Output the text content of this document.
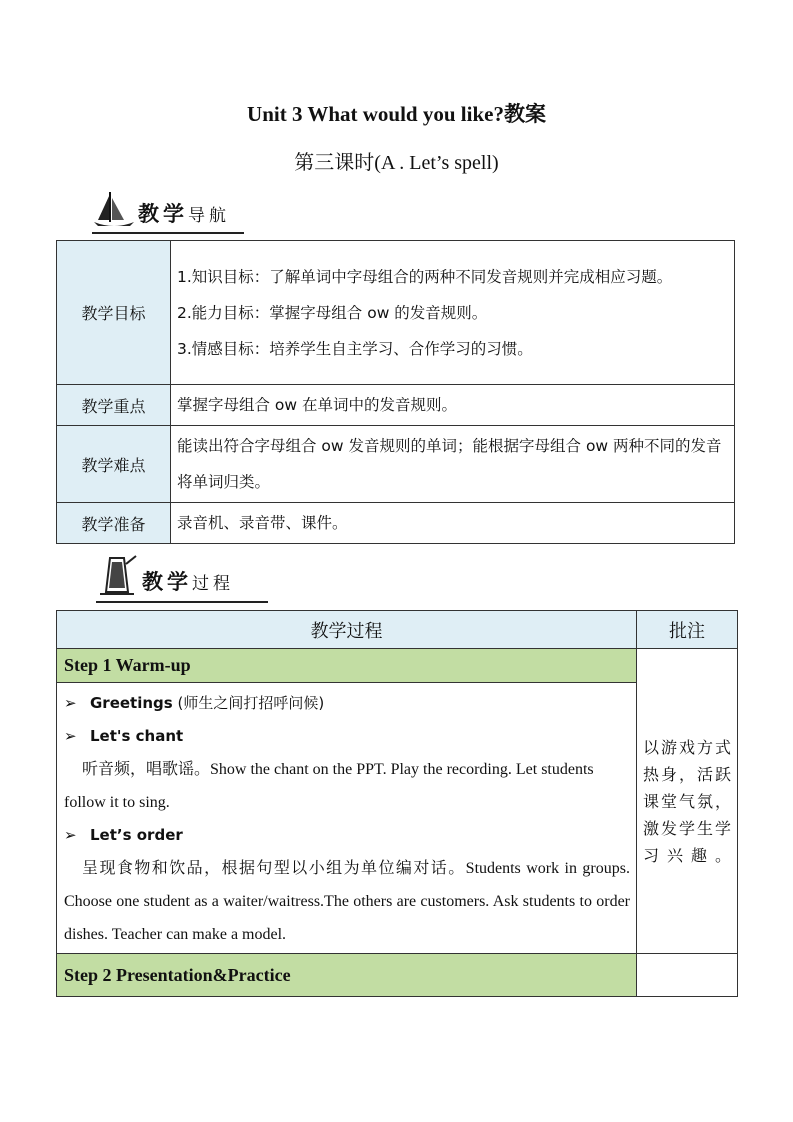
Unit 3 What would you like?教案
第三课时(A . Let’s spell)
教学导航
教学目标	1.知识目标：了解单词中字母组合的两种不同发音规则并完成相应习题。
2.能力目标：掌握字母组合 ow 的发音规则。
3.情感目标：培养学生自主学习、合作学习的习惯。

教学重点	掌握字母组合 ow 在单词中的发音规则。
教学难点	能读出符合字母组合 ow 发音规则的单词；能根据字母组合 ow 两种不同的发音将单词归类。
教学准备	录音机、录音带、课件。
教学过程
教学过程	批注
Step 1 Warm-up	以游戏方式热身，活跃课堂气氛，激发学生学习兴趣。

➢ Greetings (师生之间打招呼问候)
➢ Let's chant
听音频，唱歌谣。Show the chant on the PPT. Play the recording. Let students follow it to sing.
➢ Let’s order
呈现食物和饮品，根据句型以小组为单位编对话。Students work in groups. Choose one student as a waiter/waitress.The others are customers. Ask students to order dishes. Teacher can make a model.	

Step 2 Presentation&Practice	
